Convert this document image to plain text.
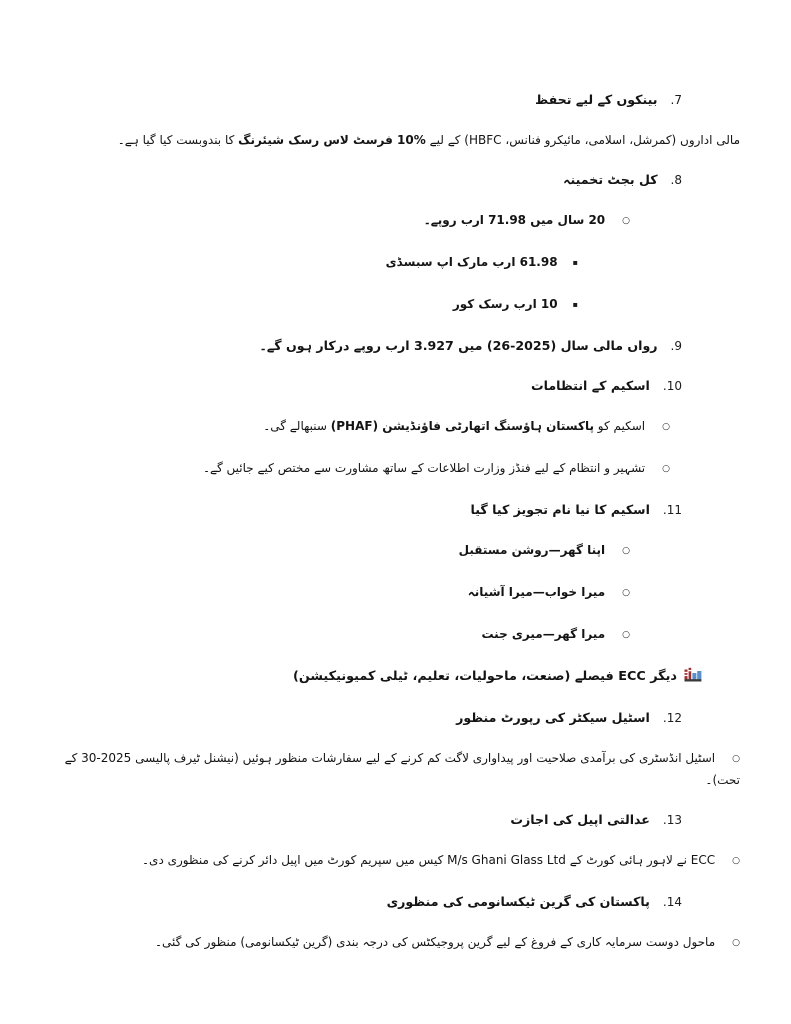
7.بینکوں کے لیے تحفظ
مالی اداروں (کمرشل، اسلامی، مائیکرو فنانس، HBFC) کے لیے %10 فرسٹ لاس رسک شیئرنگ کا بندوبست کیا گیا ہے۔
8.کل بجٹ تخمینہ
○20 سال میں 71.98 ارب روپے۔
▪61.98 ارب مارک اپ سبسڈی
▪10 ارب رسک کور
9.رواں مالی سال (2025-26) میں 3.927 ارب روپے درکار ہوں گے۔
10.اسکیم کے انتظامات
○اسکیم کو پاکستان ہاؤسنگ اتھارٹی فاؤنڈیشن (PHAF) سنبھالے گی۔
○تشہیر و انتظام کے لیے فنڈز وزارت اطلاعات کے ساتھ مشاورت سے مختص کیے جائیں گے۔
11.اسکیم کا نیا نام تجویز کیا گیا
○اپنا گھر—روشن مستقبل
○میرا خواب—میرا آشیانہ
○میرا گھر—میری جنت
دیگر ECC فیصلے (صنعت، ماحولیات، تعلیم، ٹیلی کمیونیکیشن)
12.اسٹیل سیکٹر کی رپورٹ منظور
○اسٹیل انڈسٹری کی برآمدی صلاحیت اور پیداواری لاگت کم کرنے کے لیے سفارشات منظور ہوئیں (نیشنل ٹیرف پالیسی 2025-30 کے تحت)۔
13.عدالتی اپیل کی اجازت
○ECC نے لاہور ہائی کورٹ کے M/s Ghani Glass Ltd کیس میں سپریم کورٹ میں اپیل دائر کرنے کی منظوری دی۔
14.پاکستان کی گرین ٹیکسانومی کی منظوری
○ماحول دوست سرمایہ کاری کے فروغ کے لیے گرین پروجیکٹس کی درجہ بندی (گرین ٹیکسانومی) منظور کی گئی۔
